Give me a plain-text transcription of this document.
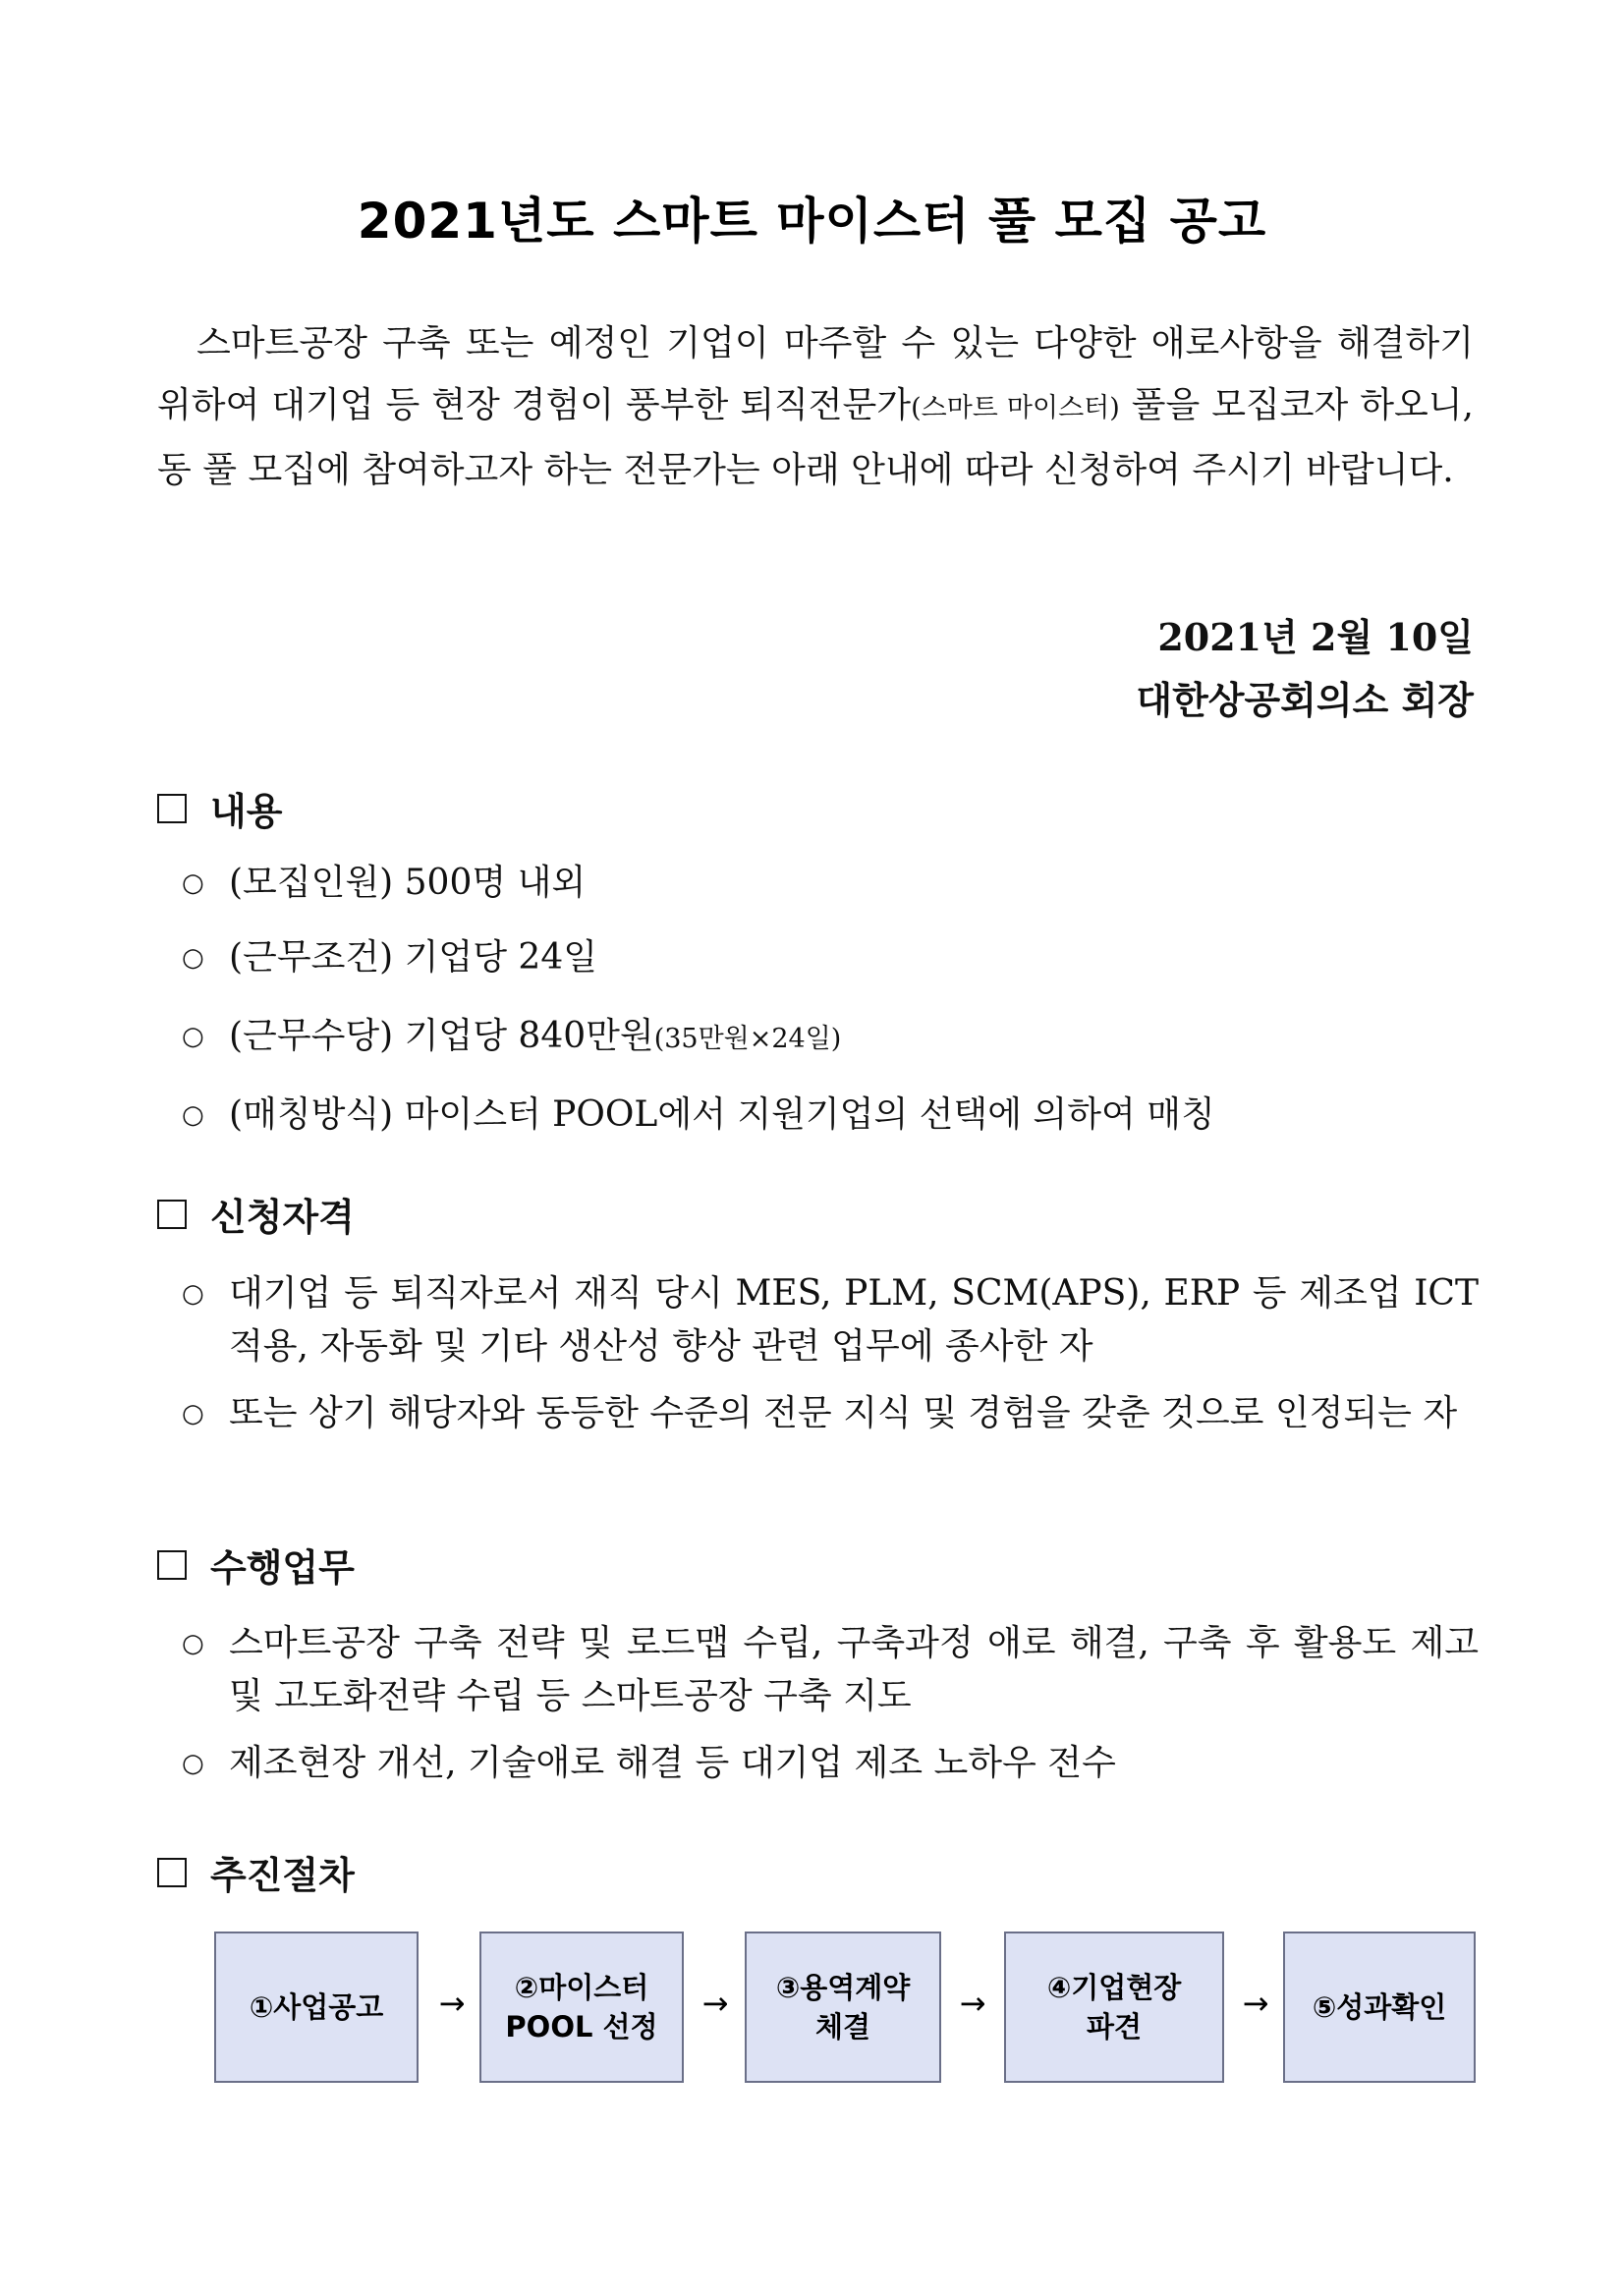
2021년도 스마트 마이스터 풀 모집 공고
스마트공장 구축 또는 예정인 기업이 마주할 수 있는 다양한 애로사항을 해결하기 위하여 대기업 등 현장 경험이 풍부한 퇴직전문가(스마트 마이스터) 풀을 모집코자 하오니, 동 풀 모집에 참여하고자 하는 전문가는 아래 안내에 따라 신청하여 주시기 바랍니다.
2021년 2월 10일
대한상공회의소 회장
내용
○ (모집인원) 500명 내외
○ (근무조건) 기업당 24일
○ (근무수당) 기업당 840만원(35만원×24일)
○ (매칭방식) 마이스터 POOL에서 지원기업의 선택에 의하여 매칭
신청자격
○ 대기업 등 퇴직자로서 재직 당시 MES, PLM, SCM(APS), ERP 등 제조업 ICT적용, 자동화 및 기타 생산성 향상 관련 업무에 종사한 자
○ 또는 상기 해당자와 동등한 수준의 전문 지식 및 경험을 갖춘 것으로 인정되는 자
수행업무
○ 스마트공장 구축 전략 및 로드맵 수립, 구축과정 애로 해결, 구축 후 활용도 제고 및 고도화전략 수립 등 스마트공장 구축 지도
○ 제조현장 개선, 기술애로 해결 등 대기업 제조 노하우 전수
추진절차
①사업공고 →	②마이스터
POOL 선정
→ ③용역계약
체결
→ ④기업현장
파견
→ ⑤성과확인
